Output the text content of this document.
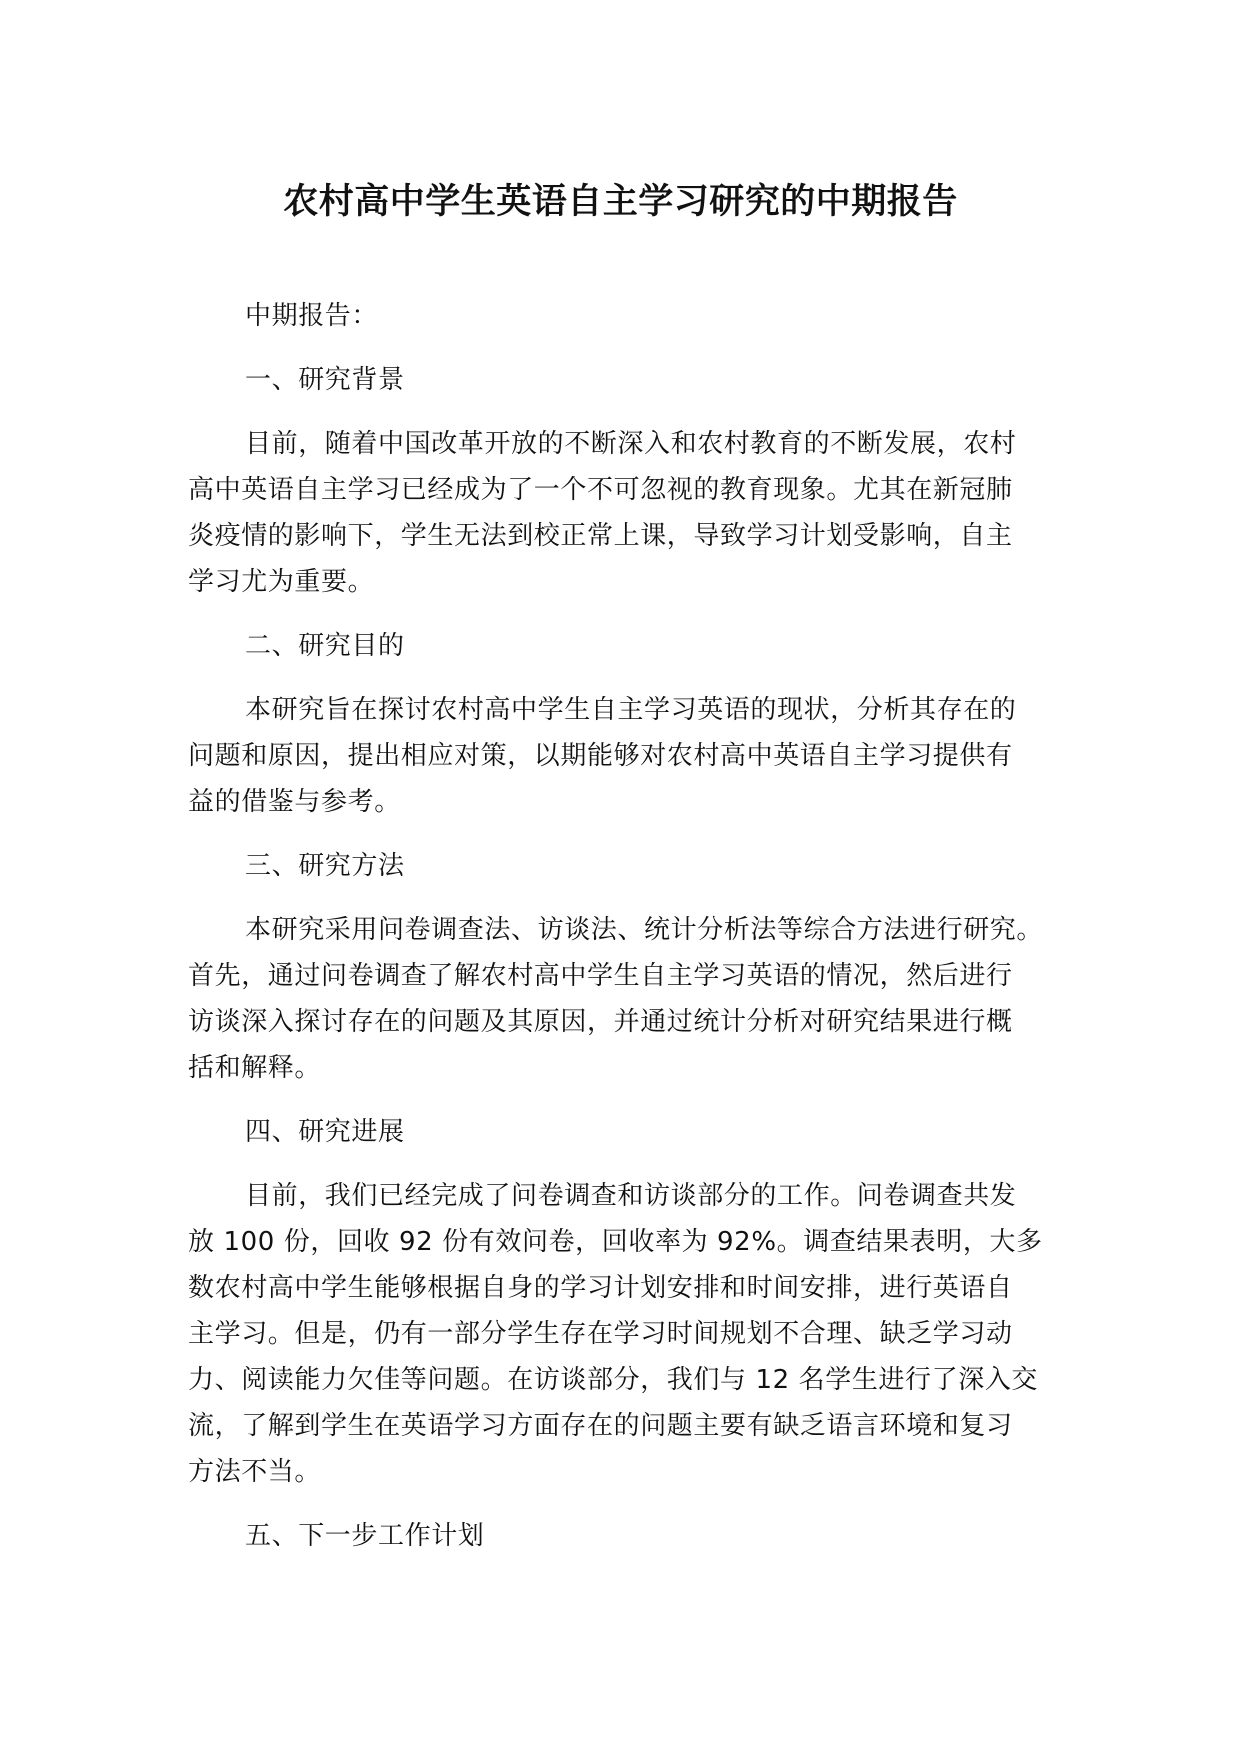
农村高中学生英语自主学习研究的中期报告

中期报告：

一、研究背景

目前，随着中国改革开放的不断深入和农村教育的不断发展，农村

高中英语自主学习已经成为了一个不可忽视的教育现象。尤其在新冠肺

炎疫情的影响下，学生无法到校正常上课，导致学习计划受影响，自主

学习尤为重要。

二、研究目的

本研究旨在探讨农村高中学生自主学习英语的现状，分析其存在的

问题和原因，提出相应对策，以期能够对农村高中英语自主学习提供有

益的借鉴与参考。

三、研究方法

本研究采用问卷调查法、访谈法、统计分析法等综合方法进行研究。

首先，通过问卷调查了解农村高中学生自主学习英语的情况，然后进行

访谈深入探讨存在的问题及其原因，并通过统计分析对研究结果进行概

括和解释。

四、研究进展

目前，我们已经完成了问卷调查和访谈部分的工作。问卷调查共发

放 100 份，回收 92 份有效问卷，回收率为 92%。调查结果表明，大多

数农村高中学生能够根据自身的学习计划安排和时间安排，进行英语自

主学习。但是，仍有一部分学生存在学习时间规划不合理、缺乏学习动

力、阅读能力欠佳等问题。在访谈部分，我们与 12 名学生进行了深入交

流，了解到学生在英语学习方面存在的问题主要有缺乏语言环境和复习

方法不当。

五、下一步工作计划
